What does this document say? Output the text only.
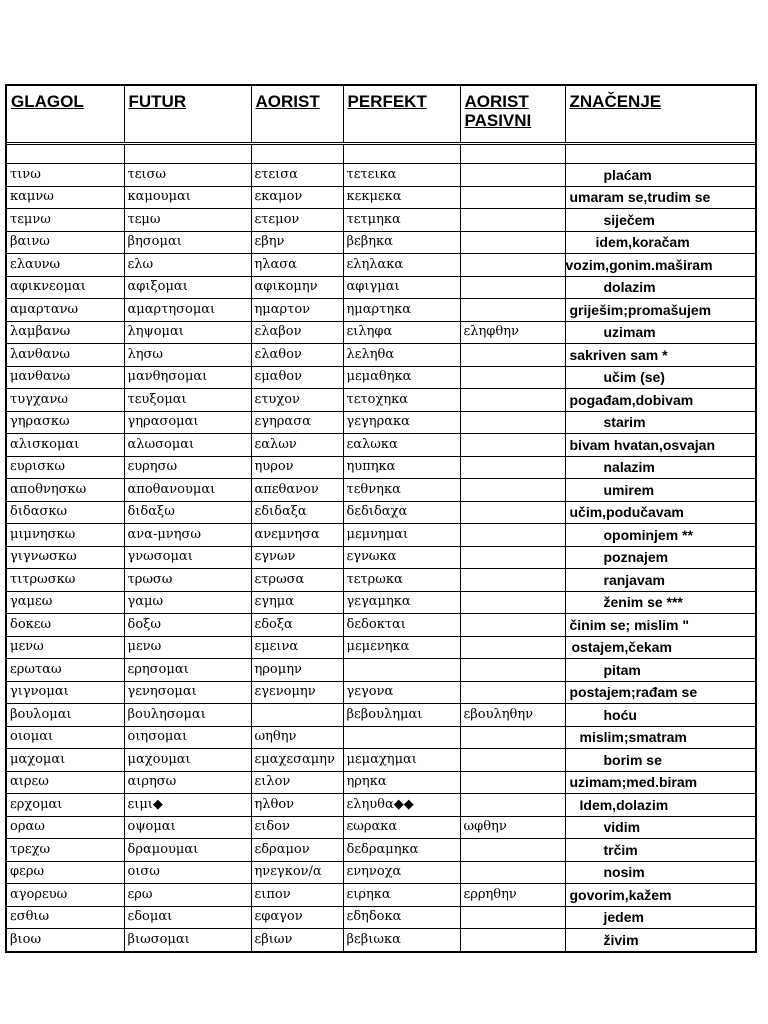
GLAGOL	FUTUR	AORIST	PERFEKT	AORIST PASIVNI	ZNAČENJE

τινω	τεισω	ετεισα	τετεικα		plaćam

καμνω	καμουμαι	εκαμον	κεκμεκα		umaram se,trudim se

τεμνω	τεμω	ετεμον	τετμηκα		siječem

βαινω	βησομαι	εβην	βεβηκα		idem,koračam

ελαυνω	ελω	ηλασα	εληλακα		vozim,gonim.maširam

αφικνεομαι	αφιξομαι	αφικομην	αφιγμαι		dolazim

αμαρτανω	αμαρτησομαι	ημαρτον	ημαρτηκα		griješim;promašujem

λαμβανω	ληψομαι	ελαβον	ειληφα	εληφθην	uzimam

λανθανω	λησω	ελαθον	λεληθα		sakriven sam *

μανθανω	μανθησομαι	εμαθον	μεμαθηκα		učim (se)

τυγχανω	τευξομαι	ετυχον	τετοχηκα		pogađam,dobivam

γηρασκω	γηρασομαι	εγηρασα	γεγηρακα		starim

αλισκομαι	αλωσομαι	εαλων	εαλωκα		bivam hvatan,osvajan

ευρισκω	ευρησω	ηυρον	ηυπηκα		nalazim

αποθνησκω	αποθανουμαι	απεθανον	τεθνηκα		umirem

διδασκω	διδαξω	εδιδαξα	δεδιδαχα		učim,podučavam

μιμνησκω	ανα-μνησω	ανεμνησα	μεμνημαι		opominjem **

γιγνωσκω	γνωσομαι	εγνων	εγνωκα		poznajem

τιτρωσκω	τρωσω	ετρωσα	τετρωκα		ranjavam

γαμεω	γαμω	εγημα	γεγαμηκα		ženim se ***

δοκεω	δοξω	εδοξα	δεδοκται		činim se; mislim "

μενω	μενω	εμεινα	μεμενηκα		ostajem,čekam

ερωταω	ερησομαι	ηρομην			pitam

γιγνομαι	γενησομαι	εγενομην	γεγονα		postajem;rađam se

βουλομαι	βουλησομαι		βεβουλημαι	εβουληθην	hoću

οιομαι	οιησομαι	ωηθην			mislim;smatram

μαχομαι	μαχουμαι	εμαχεσαμην	μεμαχημαι		borim se

αιρεω	αιρησω	ειλον	ηρηκα		uzimam;med.biram

ερχομαι	ειμι◆	ηλθον	εληυθα◆◆		Idem,dolazim

οραω	οψομαι	ειδον	εωρακα	ωφθην	vidim

τρεχω	δραμουμαι	εδραμον	δεδραμηκα		trčim

φερω	οισω	ηνεγκον/α	ενηνοχα		nosim

αγορευω	ερω	ειπον	ειρηκα	ερρηθην	govorim,kažem

εσθιω	εδομαι	εφαγον	εδηδοκα		jedem

βιοω	βιωσομαι	εβιων	βεβιωκα		živim
